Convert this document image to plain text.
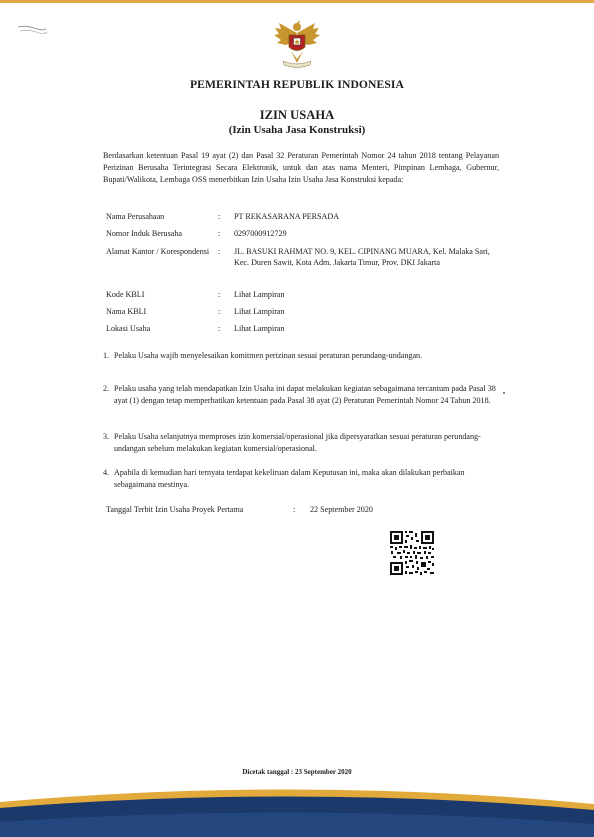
PEMERINTAH REPUBLIK INDONESIA
IZIN USAHA
(Izin Usaha Jasa Konstruksi)
Berdasarkan ketentuan Pasal 19 ayat (2) dan Pasal 32 Peraturan Pemerintah Nomor 24 tahun 2018 tentang Pelayanan Perizinan Berusaha Terintegrasi Secara Elektronik, untuk dan atas nama Menteri, Pimpinan Lembaga, Gubernur, Bupati/Walikota, Lembaga OSS menerbitkan Izin Usaha Izin Usaha Jasa Konstruksi kepada:
Nama Perusahaan	: PT REKASARANA PERSADA
Nomor Induk Berusaha	: 0297000912729
Alamat Kantor / Korespondensi	: JL. BASUKI RAHMAT NO. 9, KEL. CIPINANG MUARA, Kel. Malaka Sari, Kec. Duren Sawit, Kota Adm. Jakarta Timur, Prov. DKI Jakarta
Kode KBLI	: Lihat Lampiran
Nama KBLI	: Lihat Lampiran
Lokasi Usaha	: Lihat Lampiran
1. Pelaku Usaha wajib menyelesaikan komitmen perizinan sesuai peraturan perundang-undangan.
2. Pelaku usaha yang telah mendapatkan Izin Usaha ini dapat melakukan kegiatan sebagaimana tercantum pada Pasal 38 ayat (1) dengan tetap memperhatikan ketentuan pada Pasal 38 ayat (2) Peraturan Pemerintah Nomor 24 Tahun 2018.
3. Pelaku Usaha selanjutnya memproses izin komersial/operasional jika dipersyaratkan sesuai peraturan perundang-undangan sebelum melakukan kegiatan komersial/operasional.
4. Apabila di kemudian hari ternyata terdapat kekeliruan dalam Keputusan ini, maka akan dilakukan perbaikan sebagaimana mestinya.
Tanggal Terbit Izin Usaha Proyek Pertama	: 22 September 2020
Dicetak tanggal : 23 September 2020
